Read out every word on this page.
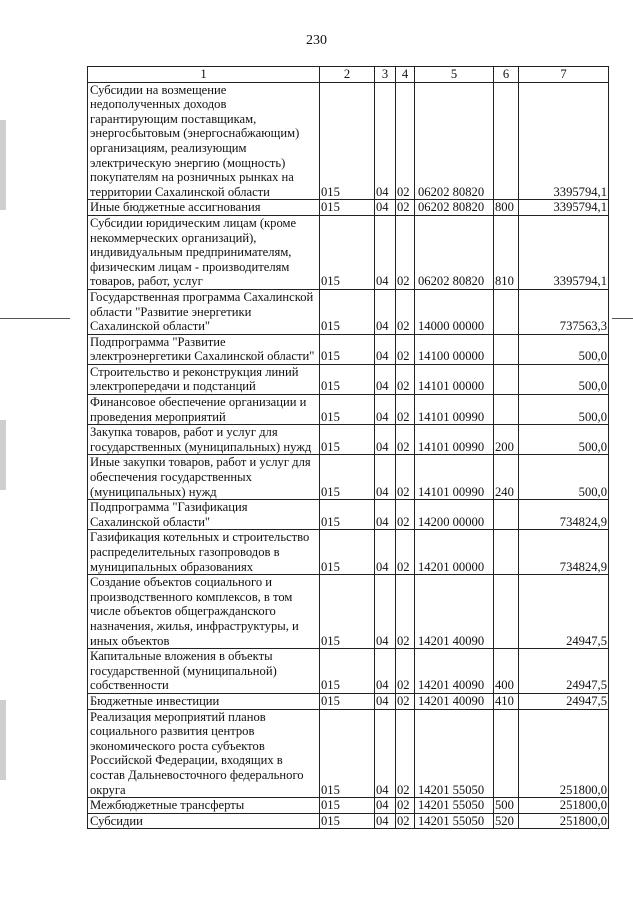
230
1	2	3	4	5	6	7
Субсидии на возмещение недополученных доходов гарантирующим поставщикам, энергосбытовым (энергоснабжающим) организациям, реализующим электрическую энергию (мощность) покупателям на розничных рынках на территории Сахалинской области	015	04	02	06202 80820		3395794,1
Иные бюджетные ассигнования	015	04	02	06202 80820	800	3395794,1
Субсидии юридическим лицам (кроме некоммерческих организаций), индивидуальным предпринимателям, физическим лицам - производителям товаров, работ, услуг	015	04	02	06202 80820	810	3395794,1
Государственная программа Сахалинской области "Развитие энергетики Сахалинской области"	015	04	02	14000 00000		737563,3
Подпрограмма "Развитие электроэнергетики Сахалинской области"	015	04	02	14100 00000		500,0
Строительство и реконструкция линий электропередачи и подстанций	015	04	02	14101 00000		500,0
Финансовое обеспечение организации и проведения мероприятий	015	04	02	14101 00990		500,0
Закупка товаров, работ и услуг для государственных (муниципальных) нужд	015	04	02	14101 00990	200	500,0
Иные закупки товаров, работ и услуг для обеспечения государственных (муниципальных) нужд	015	04	02	14101 00990	240	500,0
Подпрограмма "Газификация Сахалинской области"	015	04	02	14200 00000		734824,9
Газификация котельных и строительство распределительных газопроводов в муниципальных образованиях	015	04	02	14201 00000		734824,9
Создание объектов социального и производственного комплексов, в том числе объектов общегражданского назначения, жилья, инфраструктуры, и иных объектов	015	04	02	14201 40090		24947,5
Капитальные вложения в объекты государственной (муниципальной) собственности	015	04	02	14201 40090	400	24947,5
Бюджетные инвестиции	015	04	02	14201 40090	410	24947,5
Реализация мероприятий планов социального развития центров экономического роста субъектов Российской Федерации, входящих в состав Дальневосточного федерального округа	015	04	02	14201 55050		251800,0
Межбюджетные трансферты	015	04	02	14201 55050	500	251800,0
Субсидии	015	04	02	14201 55050	520	251800,0
